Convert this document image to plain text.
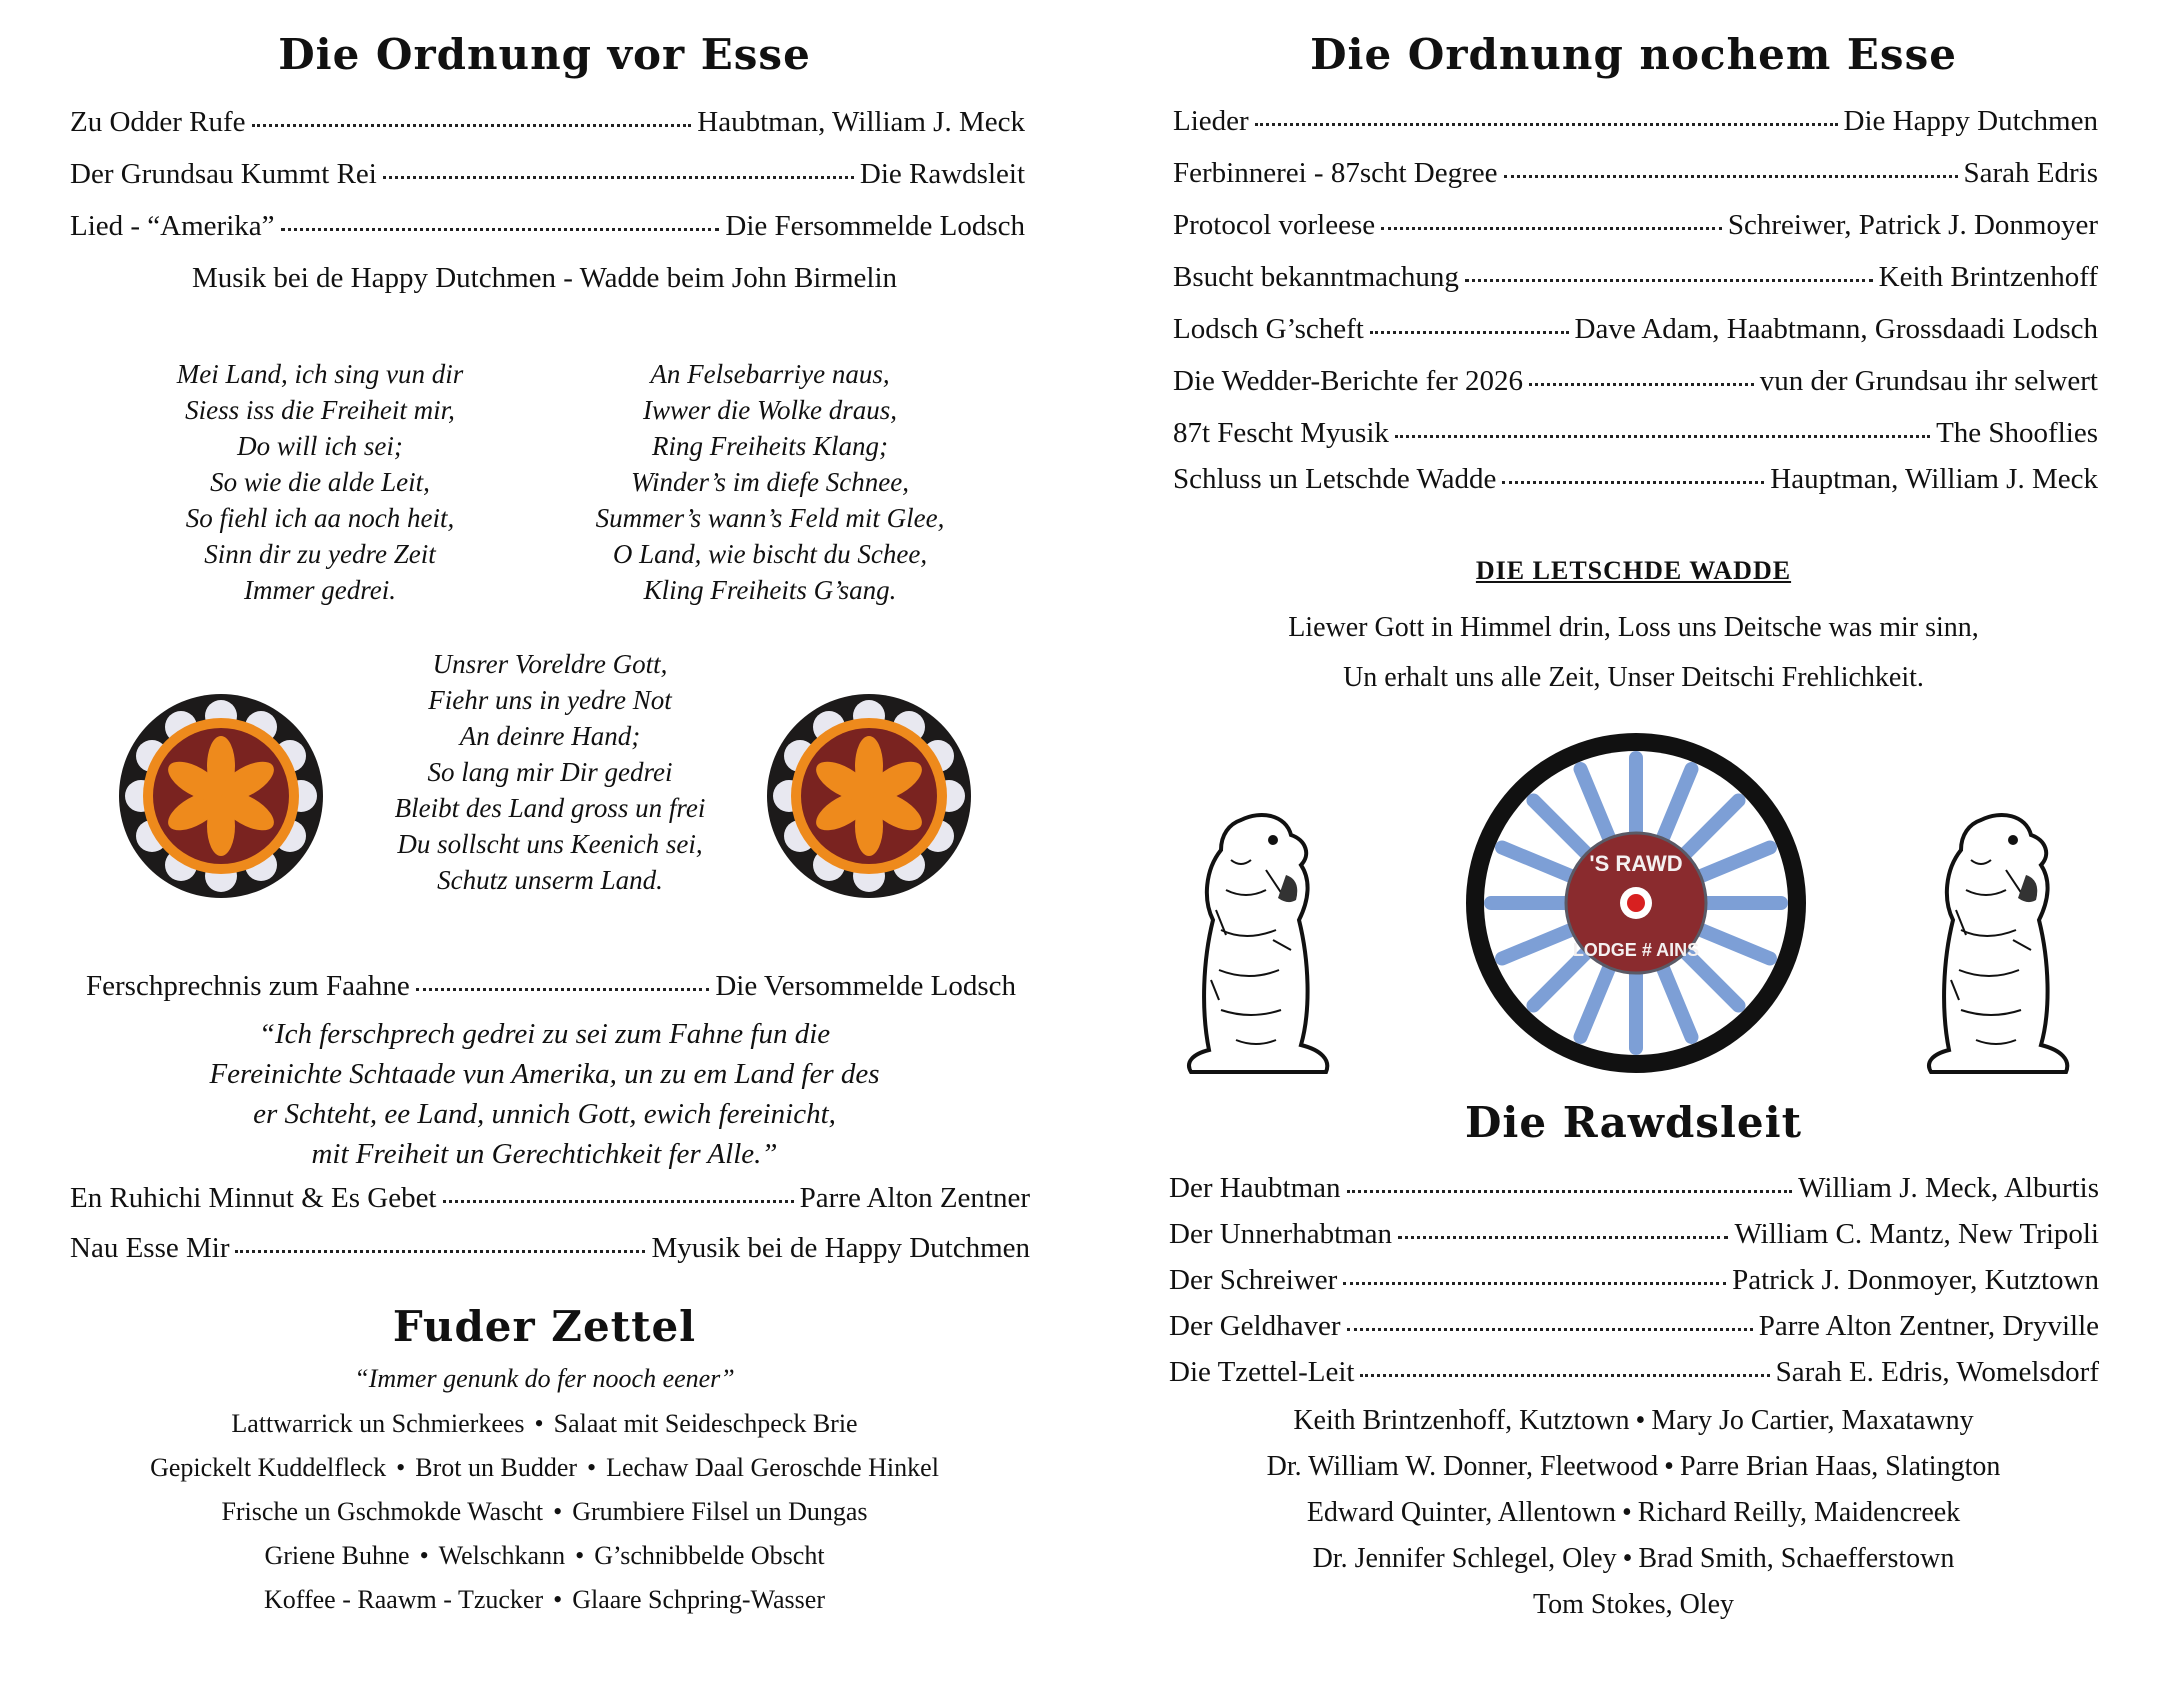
Die Ordnung vor Esse
Zu Odder Rufe	Haubtman, William J. Meck
Der Grundsau Kummt Rei	Die Rawdsleit
Lied - “Amerika”	Die Fersommelde Lodsch
Musik bei de Happy Dutchmen - Wadde beim John Birmelin
Mei Land, ich sing vun dir
Siess iss die Freiheit mir,
Do will ich sei;
So wie die alde Leit,
So fiehl ich aa noch heit,
Sinn dir zu yedre Zeit
Immer gedrei.
An Felsebarriye naus,
Iwwer die Wolke draus,
Ring Freiheits Klang;
Winder’s im diefe Schnee,
Summer’s wann’s Feld mit Glee,
O Land, wie bischt du Schee,
Kling Freiheits G’sang.
Unsrer Voreldre Gott,
Fiehr uns in yedre Not
An deinre Hand;
So lang mir Dir gedrei
Bleibt des Land gross un frei
Du sollscht uns Keenich sei,
Schutz unserm Land.
Ferschprechnis zum Faahne	Die Versommelde Lodsch
“Ich ferschprech gedrei zu sei zum Fahne fun die
Fereinichte Schtaade vun Amerika, un zu em Land fer des
er Schteht, ee Land, unnich Gott, ewich fereinicht,
mit Freiheit un Gerechtichkeit fer Alle.”
En Ruhichi Minnut & Es Gebet	Parre Alton Zentner
Nau Esse Mir	Myusik bei de Happy Dutchmen
Fuder Zettel
“Immer genunk do fer nooch eener”
Lattwarrick un Schmierkees • Salaat mit Seideschpeck Brie
Gepickelt Kuddelfleck • Brot un Budder • Lechaw Daal Geroschde Hinkel
Frische un Gschmokde Wascht • Grumbiere Filsel un Dungas
Griene Buhne • Welschkann • G’schnibbelde Obscht
Koffee - Raawm - Tzucker • Glaare Schpring-Wasser
Die Ordnung nochem Esse
Lieder	Die Happy Dutchmen
Ferbinnerei - 87scht Degree	Sarah Edris
Protocol vorleese	Schreiwer, Patrick J. Donmoyer
Bsucht bekanntmachung	Keith Brintzenhoff
Lodsch G’scheft	Dave Adam, Haabtmann, Grossdaadi Lodsch
Die Wedder-Berichte fer 2026	vun der Grundsau ihr selwert
87t Fescht Myusik	The Shooflies
Schluss un Letschde Wadde	Hauptman, William J. Meck
DIE LETSCHDE WADDE
Liewer Gott in Himmel drin, Loss uns Deitsche was mir sinn,
Un erhalt uns alle Zeit, Unser Deitschi Frehlichkeit.
'S RAWD
LODGE # AINS
Die Rawdsleit
Der Haubtman	William J. Meck, Alburtis
Der Unnerhabtman	William C. Mantz, New Tripoli
Der Schreiwer	Patrick J. Donmoyer, Kutztown
Der Geldhaver	Parre Alton Zentner, Dryville
Die Tzettel-Leit	Sarah E. Edris, Womelsdorf
Keith Brintzenhoff, Kutztown • Mary Jo Cartier, Maxatawny
Dr. William W. Donner, Fleetwood • Parre Brian Haas, Slatington
Edward Quinter, Allentown • Richard Reilly, Maidencreek
Dr. Jennifer Schlegel, Oley • Brad Smith, Schaefferstown
Tom Stokes, Oley
